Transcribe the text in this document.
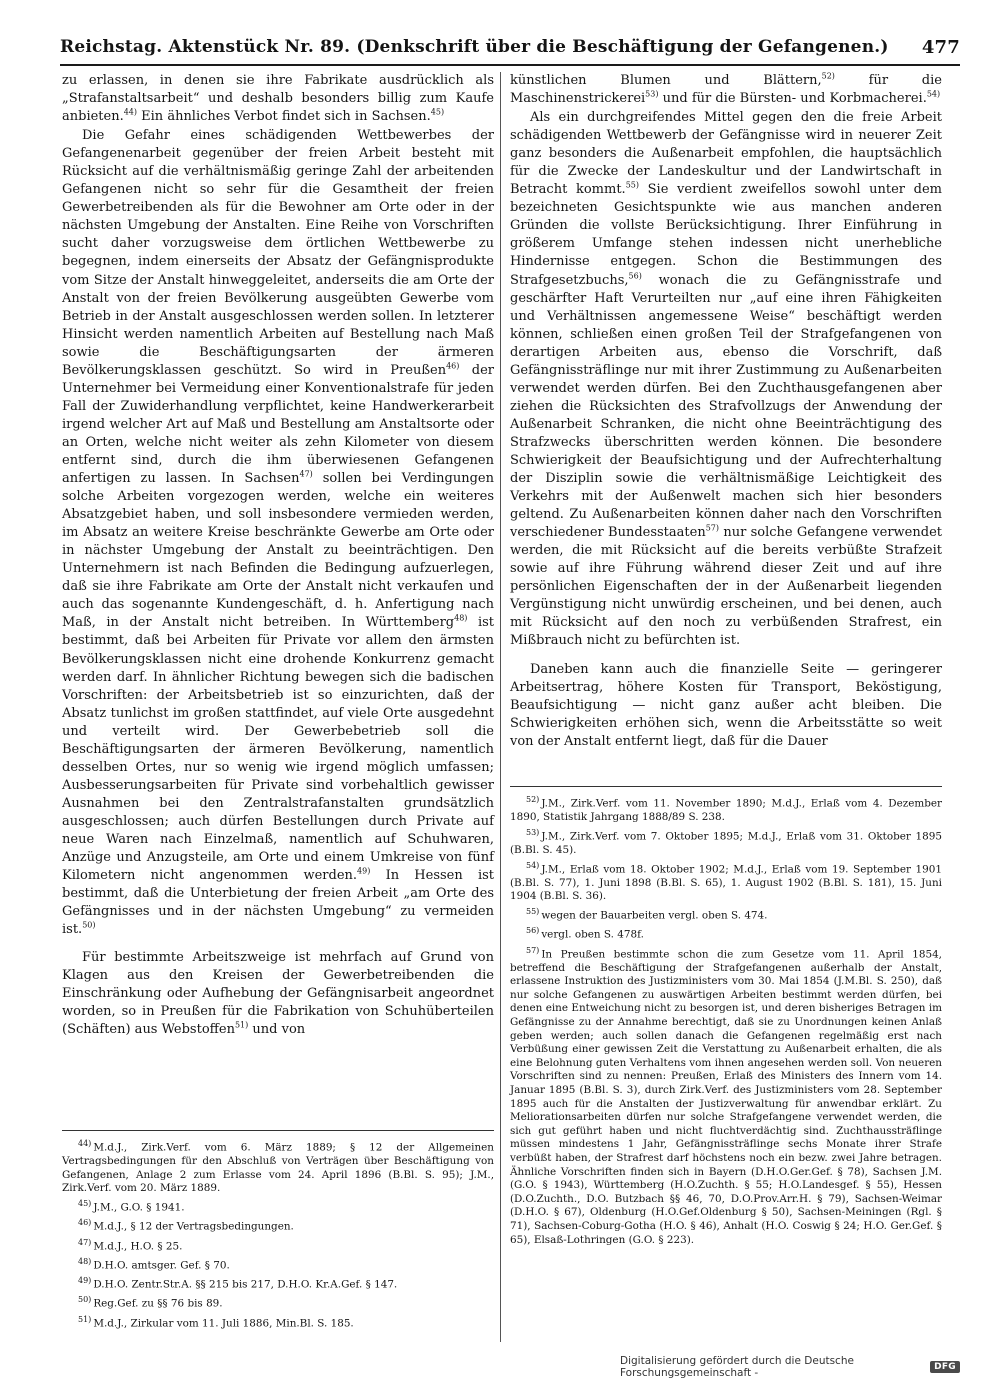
Reichstag. Aktenstück Nr. 89. (Denkschrift über die Beschäftigung der Gefangenen.) 477

zu erlassen, in denen sie ihre Fabrikate ausdrücklich als „Strafanstaltsarbeit“ und deshalb besonders billig zum Kaufe anbieten.$^{44)}$ Ein ähnliches Verbot findet sich in Sachsen.$^{45)}$

Die Gefahr eines schädigenden Wettbewerbes der Gefangenenarbeit gegenüber der freien Arbeit besteht mit Rücksicht auf die verhältnismäßig geringe Zahl der arbeitenden Gefangenen nicht so sehr für die Gesamtheit der freien Gewerbetreibenden als für die Bewohner am Orte oder in der nächsten Umgebung der Anstalten. Eine Reihe von Vorschriften sucht daher vorzugsweise dem örtlichen Wettbewerbe zu begegnen, indem einerseits der Absatz der Gefängnisprodukte vom Sitze der Anstalt hinweggeleitet, anderseits die am Orte der Anstalt von der freien Bevölkerung ausgeübten Gewerbe vom Betrieb in der Anstalt ausgeschlossen werden sollen. In letzterer Hinsicht werden namentlich Arbeiten auf Bestellung nach Maß sowie die Beschäftigungsarten der ärmeren Bevölkerungsklassen geschützt. So wird in Preußen$^{46)}$ der Unternehmer bei Vermeidung einer Konventionalstrafe für jeden Fall der Zuwiderhandlung verpflichtet, keine Handwerkerarbeit irgend welcher Art auf Maß und Bestellung am Anstaltsorte oder an Orten, welche nicht weiter als zehn Kilometer von diesem entfernt sind, durch die ihm überwiesenen Gefangenen anfertigen zu lassen. In Sachsen$^{47)}$ sollen bei Verdingungen solche Arbeiten vorgezogen werden, welche ein weiteres Absatzgebiet haben, und soll insbesondere vermieden werden, im Absatz an weitere Kreise beschränkte Gewerbe am Orte oder in nächster Umgebung der Anstalt zu beeinträchtigen. Den Unternehmern ist nach Befinden die Bedingung aufzuerlegen, daß sie ihre Fabrikate am Orte der Anstalt nicht verkaufen und auch das sogenannte Kundengeschäft, d. h. Anfertigung nach Maß, in der Anstalt nicht betreiben. In Württemberg$^{48)}$ ist bestimmt, daß bei Arbeiten für Private vor allem den ärmsten Bevölkerungsklassen nicht eine drohende Konkurrenz gemacht werden darf. In ähnlicher Richtung bewegen sich die badischen Vorschriften: der Arbeitsbetrieb ist so einzurichten, daß der Absatz tunlichst im großen stattfindet, auf viele Orte ausgedehnt und verteilt wird. Der Gewerbebetrieb soll die Beschäftigungsarten der ärmeren Bevölkerung, namentlich desselben Ortes, nur so wenig wie irgend möglich umfassen; Ausbesserungsarbeiten für Private sind vorbehaltlich gewisser Ausnahmen bei den Zentralstrafanstalten grundsätzlich ausgeschlossen; auch dürfen Bestellungen durch Private auf neue Waren nach Einzelmaß, namentlich auf Schuhwaren, Anzüge und Anzugsteile, am Orte und einem Umkreise von fünf Kilometern nicht angenommen werden.$^{49)}$ In Hessen ist bestimmt, daß die Unterbietung der freien Arbeit „am Orte des Gefängnisses und in der nächsten Umgebung“ zu vermeiden ist.$^{50)}$

Für bestimmte Arbeitszweige ist mehrfach auf Grund von Klagen aus den Kreisen der Gewerbetreibenden die Einschränkung oder Aufhebung der Gefängnisarbeit angeordnet worden, so in Preußen für die Fabrikation von Schuhüberteilen (Schäften) aus Webstoffen$^{51)}$ und von

künstlichen Blumen und Blättern,$^{52)}$ für die Maschinenstrickerei$^{53)}$ und für die Bürsten- und Korbmacherei.$^{54)}$

Als ein durchgreifendes Mittel gegen den die freie Arbeit schädigenden Wettbewerb der Gefängnisse wird in neuerer Zeit ganz besonders die Außenarbeit empfohlen, die hauptsächlich für die Zwecke der Landeskultur und der Landwirtschaft in Betracht kommt.$^{55)}$ Sie verdient zweifellos sowohl unter dem bezeichneten Gesichtspunkte wie aus manchen anderen Gründen die vollste Berücksichtigung. Ihrer Einführung in größerem Umfange stehen indessen nicht unerhebliche Hindernisse entgegen. Schon die Bestimmungen des Strafgesetzbuchs,$^{56)}$ wonach die zu Gefängnisstrafe und geschärfter Haft Verurteilten nur „auf eine ihren Fähigkeiten und Verhältnissen angemessene Weise“ beschäftigt werden können, schließen einen großen Teil der Strafgefangenen von derartigen Arbeiten aus, ebenso die Vorschrift, daß Gefängnissträflinge nur mit ihrer Zustimmung zu Außenarbeiten verwendet werden dürfen. Bei den Zuchthausgefangenen aber ziehen die Rücksichten des Strafvollzugs der Anwendung der Außenarbeit Schranken, die nicht ohne Beeinträchtigung des Strafzwecks überschritten werden können. Die besondere Schwierigkeit der Beaufsichtigung und der Aufrechterhaltung der Disziplin sowie die verhältnismäßige Leichtigkeit des Verkehrs mit der Außenwelt machen sich hier besonders geltend. Zu Außenarbeiten können daher nach den Vorschriften verschiedener Bundesstaaten$^{57)}$ nur solche Gefangene verwendet werden, die mit Rücksicht auf die bereits verbüßte Strafzeit sowie auf ihre Führung während dieser Zeit und auf ihre persönlichen Eigenschaften der in der Außenarbeit liegenden Vergünstigung nicht unwürdig erscheinen, und bei denen, auch mit Rücksicht auf den noch zu verbüßenden Strafrest, ein Mißbrauch nicht zu befürchten ist.

Daneben kann auch die finanzielle Seite — geringerer Arbeitsertrag, höhere Kosten für Transport, Beköstigung, Beaufsichtigung — nicht ganz außer acht bleiben. Die Schwierigkeiten erhöhen sich, wenn die Arbeitsstätte so weit von der Anstalt entfernt liegt, daß für die Dauer

$^{44)}$ M.d.J., Zirk.Verf. vom 6. März 1889; § 12 der Allgemeinen Vertragsbedingungen für den Abschluß von Verträgen über Beschäftigung von Gefangenen, Anlage 2 zum Erlasse vom 24. April 1896 (B.Bl. S. 95); J.M., Zirk.Verf. vom 20. März 1889.

$^{45)}$ J.M., G.O. § 1941.

$^{46)}$ M.d.J., § 12 der Vertragsbedingungen.

$^{47)}$ M.d.J., H.O. § 25.

$^{48)}$ D.H.O. amtsger. Gef. § 70.

$^{49)}$ D.H.O. Zentr.Str.A. §§ 215 bis 217, D.H.O. Kr.A.Gef. § 147.

$^{50)}$ Reg.Gef. zu §§ 76 bis 89.

$^{51)}$ M.d.J., Zirkular vom 11. Juli 1886, Min.Bl. S. 185.

$^{52)}$ J.M., Zirk.Verf. vom 11. November 1890; M.d.J., Erlaß vom 4. Dezember 1890, Statistik Jahrgang 1888/89 S. 238.

$^{53)}$ J.M., Zirk.Verf. vom 7. Oktober 1895; M.d.J., Erlaß vom 31. Oktober 1895 (B.Bl. S. 45).

$^{54)}$ J.M., Erlaß vom 18. Oktober 1902; M.d.J., Erlaß vom 19. September 1901 (B.Bl. S. 77), 1. Juni 1898 (B.Bl. S. 65), 1. August 1902 (B.Bl. S. 181), 15. Juni 1904 (B.Bl. S. 36).

$^{55)}$ wegen der Bauarbeiten vergl. oben S. 474.

$^{56)}$ vergl. oben S. 478f.

$^{57)}$ In Preußen bestimmte schon die zum Gesetze vom 11. April 1854, betreffend die Beschäftigung der Strafgefangenen außerhalb der Anstalt, erlassene Instruktion des Justizministers vom 30. Mai 1854 (J.M.Bl. S. 250), daß nur solche Gefangenen zu auswärtigen Arbeiten bestimmt werden dürfen, bei denen eine Entweichung nicht zu besorgen ist, und deren bisheriges Betragen im Gefängnisse zu der Annahme berechtigt, daß sie zu Unordnungen keinen Anlaß geben werden; auch sollen danach die Gefangenen regelmäßig erst nach Verbüßung einer gewissen Zeit die Verstattung zu Außenarbeit erhalten, die als eine Belohnung guten Verhaltens vom ihnen angesehen werden soll. Von neueren Vorschriften sind zu nennen: Preußen, Erlaß des Ministers des Innern vom 14. Januar 1895 (B.Bl. S. 3), durch Zirk.Verf. des Justizministers vom 28. September 1895 auch für die Anstalten der Justizverwaltung für anwendbar erklärt. Zu Meliorationsarbeiten dürfen nur solche Strafgefangene verwendet werden, die sich gut geführt haben und nicht fluchtverdächtig sind. Zuchthaussträflinge müssen mindestens 1 Jahr, Gefängnissträflinge sechs Monate ihrer Strafe verbüßt haben, der Strafrest darf höchstens noch ein bezw. zwei Jahre betragen. Ähnliche Vorschriften finden sich in Bayern (D.H.O.Ger.Gef. § 78), Sachsen J.M. (G.O. § 1943), Württemberg (H.O.Zuchth. § 55; H.O.Landesgef. § 55), Hessen (D.O.Zuchth., D.O. Butzbach §§ 46, 70, D.O.Prov.Arr.H. § 79), Sachsen-Weimar (D.H.O. § 67), Oldenburg (H.O.Gef.Oldenburg § 50), Sachsen-Meiningen (Rgl. § 71), Sachsen-Coburg-Gotha (H.O. § 46), Anhalt (H.O. Coswig § 24; H.O. Ger.Gef. § 65), Elsaß-Lothringen (G.O. § 223).

Digitalisierung gefördert durch die Deutsche Forschungsgemeinschaft -	DFG
